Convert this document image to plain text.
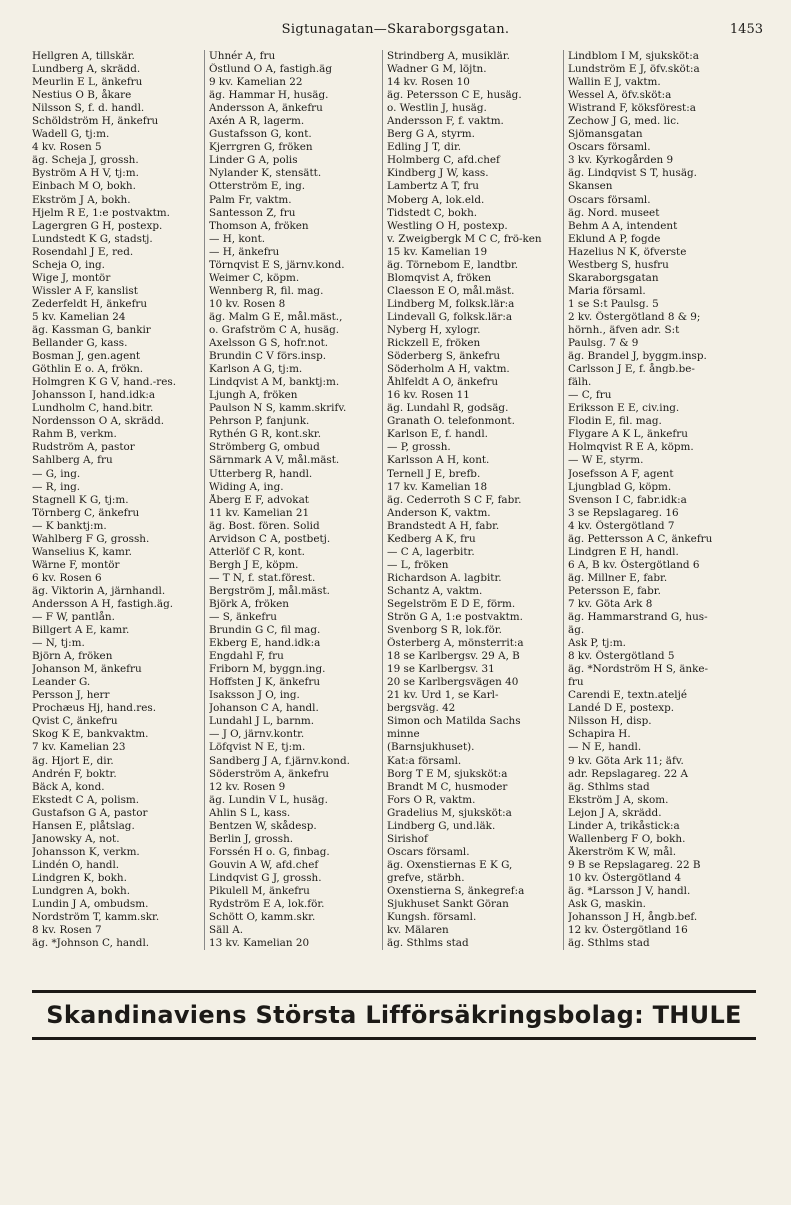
Sigtunagatan—Skaraborgsgatan.	1453
Hellgren A, tillskär.
Lundberg A, skrädd.
Meurlin E L, änkefru
Nestius O B, åkare
Nilsson S, f. d. handl.
Schöldström H, änkefru
Wadell G, tj:m.
4 kv. Rosen 5
äg. Scheja J, grossh.
Byström A H V, tj:m.
Einbach M O, bokh.
Ekström J A, bokh.
Hjelm R E, 1:e postvaktm.
Lagergren G H, postexp.
Lundstedt K G, stadstj.
Rosendahl J E, red.
Scheja O, ing.
Wige J, montör
Wissler A F, kanslist
Zederfeldt H, änkefru
5 kv. Kamelian 24
äg. Kassman G, bankir
Bellander G, kass.
Bosman J, gen.agent
Göthlin E o. A, frökn.
Holmgren K G V, hand.-res.
Johansson I, hand.idk:a
Lundholm C, hand.bitr.
Nordensson O A, skrädd.
Rahm B, verkm.
Rudström A, pastor
Sahlberg A, fru
— G, ing.
— R, ing.
Stagnell K G, tj:m.
Törnberg C, änkefru
— K banktj:m.
Wahlberg F G, grossh.
Wanselius K, kamr.
Wärne F, montör
6 kv. Rosen 6
äg. Viktorin A, järnhandl.
Andersson A H, fastigh.äg.
— F W, pantlån.
Billgert A E, kamr.
— N, tj:m.
Björn A, fröken
Johanson M, änkefru
Leander G.
Persson J, herr
Prochæus Hj, hand.res.
Qvist C, änkefru
Skog K E, bankvaktm.
7 kv. Kamelian 23
äg. Hjort E, dir.
Andrén F, boktr.
Bäck A, kond.
Ekstedt C A, polism.
Gustafson G A, pastor
Hansen E, plåtslag.
Janowsky A, not.
Johansson K, verkm.
Lindén O, handl.
Lindgren K, bokh.
Lundgren A, bokh.
Lundin J A, ombudsm.
Nordström T, kamm.skr.
8 kv. Rosen 7
äg. *Johnson C, handl.
Uhnér A, fru
Östlund O A, fastigh.äg
9 kv. Kamelian 22
äg. Hammar H, husäg.
Andersson A, änkefru
Axén A R, lagerm.
Gustafsson G, kont.
Kjerrgren G, fröken
Linder G A, polis
Nylander K, stensätt.
Otterström E, ing.
Palm Fr, vaktm.
Santesson Z, fru
Thomson A, fröken
— H, kont.
— H, änkefru
Törnqvist E S, järnv.kond.
Weimer C, köpm.
Wennberg R, fil. mag.
10 kv. Rosen 8
äg. Malm G E, mål.mäst.,
o. Grafström C A, husäg.
Axelsson G S, hofr.not.
Brundin C V förs.insp.
Karlson A G, tj:m.
Lindqvist A M, banktj:m.
Ljungh A, fröken
Paulson N S, kamm.skrifv.
Pehrson P, fanjunk.
Rythén G R, kont.skr.
Strömberg G, ombud
Särnmark A V, mål.mäst.
Utterberg R, handl.
Widing A, ing.
Åberg E F, advokat
11 kv. Kamelian 21
äg. Bost. fören. Solid
Arvidson C A, postbetj.
Atterlöf C R, kont.
Bergh J E, köpm.
— T N, f. stat.förest.
Bergström J, mål.mäst.
Björk A, fröken
— S, änkefru
Brundin G C, fil mag.
Ekberg E, hand.idk:a
Engdahl F, fru
Friborn M, byggn.ing.
Hoffsten J K, änkefru
Isaksson J O, ing.
Johanson C A, handl.
Lundahl J L, barnm.
— J O, järnv.kontr.
Löfqvist N E, tj:m.
Sandberg J A, f.järnv.kond.
Söderström A, änkefru
12 kv. Rosen 9
äg. Lundin V L, husäg.
Ahlin S L, kass.
Bentzen W, skådesp.
Berlin J, grossh.
Forssén H o. G, finbag.
Gouvin A W, afd.chef
Lindqvist G J, grossh.
Pikulell M, änkefru
Rydström E A, lok.för.
Schött O, kamm.skr.
Säll A.
13 kv. Kamelian 20
Strindberg A, musiklär.
Wadner G M, löjtn.
14 kv. Rosen 10
äg. Petersson C E, husäg.
o. Westlin J, husäg.
Andersson F, f. vaktm.
Berg G A, styrm.
Edling J T, dir.
Holmberg C, afd.chef
Kindberg J W, kass.
Lambertz A T, fru
Moberg A, lok.eld.
Tidstedt C, bokh.
Westling O H, postexp.
v. Zweigbergk M C C, frö-ken
15 kv. Kamelian 19
äg. Törnebom E, landtbr.
Blomqvist A, fröken
Claesson E O, mål.mäst.
Lindberg M, folksk.lär:a
Lindevall G, folksk.lär:a
Nyberg H, xylogr.
Rickzell E, fröken
Söderberg S, änkefru
Söderholm A H, vaktm.
Åhlfeldt A O, änkefru
16 kv. Rosen 11
äg. Lundahl R, godsäg.
Granath O. telefonmont.
Karlson E, f. handl.
— P, grossh.
Karlsson A H, kont.
Ternell J E, brefb.
17 kv. Kamelian 18
äg. Cederroth S C F, fabr.
Anderson K, vaktm.
Brandstedt A H, fabr.
Kedberg A K, fru
— C A, lagerbitr.
— L, fröken
Richardson A. lagbitr.
Schantz A, vaktm.
Segelström E D E, förm.
Strön G A, 1:e postvaktm.
Svenborg S R, lok.för.
Österberg A, mönsterrit:a
18 se Karlbergsv. 29 A, B
19 se Karlbergsv. 31
20 se Karlbergsvägen 40
21 kv. Urd 1, se Karl-
bergsväg. 42
Simon och Matilda Sachs
minne
(Barnsjukhuset).
Kat:a församl.
Borg T E M, sjuksköt:a
Brandt M C, husmoder
Fors O R, vaktm.
Gradelius M, sjuksköt:a
Lindberg G, und.läk.
Sirishof
Oscars församl.
äg. Oxenstiernas E K G,
grefve, stärbh.
Oxenstierna S, änkegref:a
Sjukhuset Sankt Göran
Kungsh. församl.
kv. Mälaren
äg. Sthlms stad
Lindblom I M, sjuksköt:a
Lundström E J, öfv.sköt:a
Wallin E J, vaktm.
Wessel A, öfv.sköt:a
Wistrand F, köksförest:a
Zechow J G, med. lic.
Sjömansgatan
Oscars församl.
3 kv. Kyrkogården 9
äg. Lindqvist S T, husäg.
Skansen
Oscars församl.
äg. Nord. museet
Behm A A, intendent
Eklund A P, fogde
Hazelius N K, öfverste
Westberg S, husfru
Skaraborgsgatan
Maria församl.
1 se S:t Paulsg. 5
2 kv. Östergötland 8 & 9;
hörnh., äfven adr. S:t
Paulsg. 7 & 9
äg. Brandel J, byggm.insp.
Carlsson J E, f. ångb.be-
fälh.
— C, fru
Eriksson E E, civ.ing.
Flodin E, fil. mag.
Flygare A K L, änkefru
Holmqvist R E A, köpm.
— W E, styrm.
Josefsson A F, agent
Ljungblad G, köpm.
Svenson I C, fabr.idk:a
3 se Repslagareg. 16
4 kv. Östergötland 7
äg. Pettersson A C, änkefru
Lindgren E H, handl.
6 A, B kv. Östergötland 6
äg. Millner E, fabr.
Petersson E, fabr.
7 kv. Göta Ark 8
äg. Hammarstrand G, hus-
äg.
Ask P, tj:m.
8 kv. Östergötland 5
äg. *Nordström H S, änke-
fru
Carendi E, textn.ateljé
Landé D E, postexp.
Nilsson H, disp.
Schapira H.
— N E, handl.
9 kv. Göta Ark 11; äfv.
adr. Repslagareg. 22 A
äg. Sthlms stad
Ekström J A, skom.
Lejon J A, skrädd.
Linder A, trikåstick:a
Wallenberg F O, bokh.
Åkerström K W, mål.
9 B se Repslagareg. 22 B
10 kv. Östergötland 4
äg. *Larsson J V, handl.
Ask G, maskin.
Johansson J H, ångb.bef.
12 kv. Östergötland 16
äg. Sthlms stad
Skandinaviens Största Lifförsäkringsbolag: THULE
